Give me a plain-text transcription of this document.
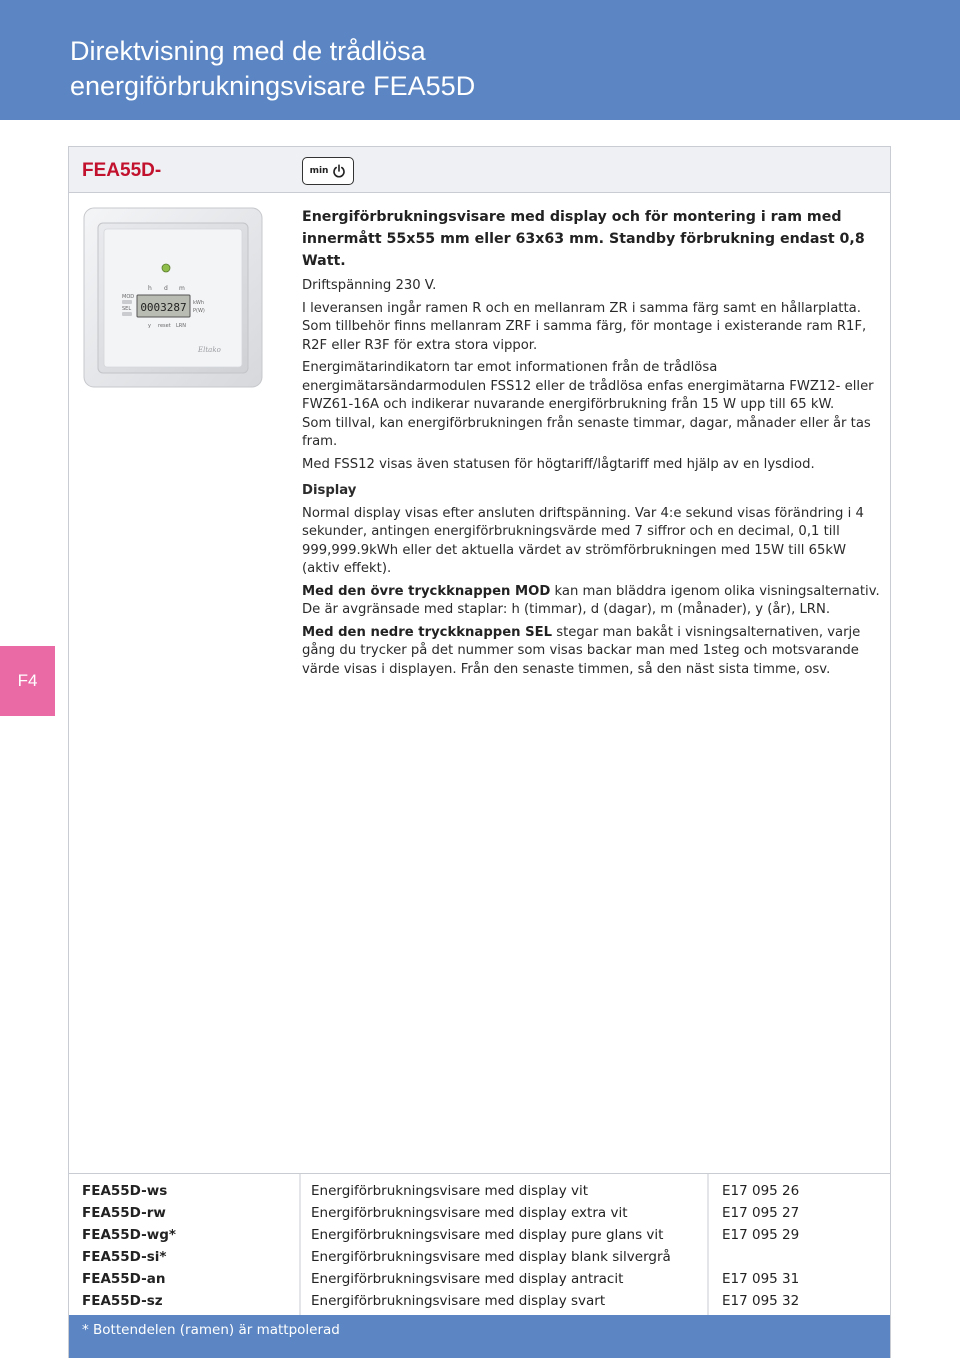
Direktvisning med de trådlösa
energiförbrukningsvisare FEA55D
FEA55D-	min
h d m
MOD
SEL 0003287 kWh
P(W)
y reset LRN
Eltako

Energiförbrukningsvisare med display och för montering i ram med innermått 55x55 mm eller 63x63 mm. Standby förbrukning endast 0,8 Watt.

Driftspänning 230 V.

I leveransen ingår ramen R och en mellanram ZR i samma färg samt en hållarplatta.

Som tillbehör finns mellanram ZRF i samma färg, för montage i existerande ram R1F, R2F eller R3F för extra stora vippor.

Energimätarindikatorn tar emot informationen från de trådlösa energimätarsändarmodulen FSS12 eller de trådlösa enfas energimätarna FWZ12- eller FWZ61-16A och indikerar nuvarande energiförbrukning från 15 W upp till 65 kW.

Som tillval, kan energiförbrukningen från senaste timmar, dagar, månader eller år tas fram.

Med FSS12 visas även statusen för högtariff/lågtariff med hjälp av en lysdiod.

Display

Normal display visas efter ansluten driftspänning. Var 4:e sekund visas förändring i 4 sekunder, antingen energiförbrukningsvärde med 7 siffror och en decimal, 0,1 till 999,999.9kWh eller det aktuella värdet av strömförbrukningen med 15W till 65kW (aktiv effekt).

Med den övre tryckknappen MOD kan man bläddra igenom olika visningsalternativ. De är avgränsade med staplar: h (timmar), d (dagar), m (månader), y (år), LRN.

Med den nedre tryckknappen SEL stegar man bakåt i visningsalternativen, varje gång du trycker på det nummer som visas backar man med 1steg och motsvarande värde visas i displayen. Från den senaste timmen, så den näst sista timme, osv.

F4
FEA55D-ws	Energiförbrukningsvisare med display vit	E17 095 26
FEA55D-rw	Energiförbrukningsvisare med display extra vit	E17 095 27
FEA55D-wg*	Energiförbrukningsvisare med display pure glans vit	E17 095 29
FEA55D-si*	Energiförbrukningsvisare med display blank silvergrå
FEA55D-an	Energiförbrukningsvisare med display antracit	E17 095 31
FEA55D-sz	Energiförbrukningsvisare med display svart	E17 095 32
* Bottendelen (ramen) är mattpolerad
